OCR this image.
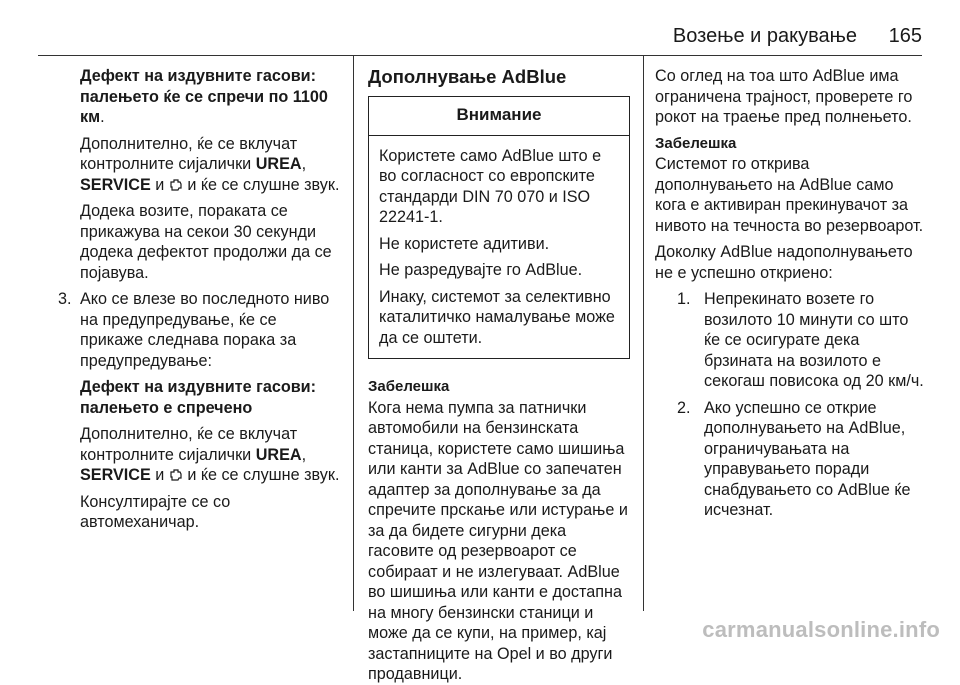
Возење и ракување 165

Дефект на издувните гасови: палењето ќе се спречи по 1100 км.

Дополнително, ќе се вклучат контролните сијалички UREA,
SERVICE и  и ќе се слушне звук.

Додека возите, пораката се прикажува на секои 30 секунди додека дефектот продолжи да се појавува.

3. Ако се влезе во последното ниво на предупредување, ќе се прикаже следнава порака за предупредување:

Дефект на издувните гасови: палењето е спречено

Дополнително, ќе се вклучат контролните сијалички UREA,
SERVICE и  и ќе се слушне звук.

Консултирајте се со автомеханичар.

Дополнување AdBlue
Внимание

Користете само AdBlue што е во согласност со европските стандарди DIN 70 070 и ISO 22241-1.

Не користете адитиви.

Не разредувајте го AdBlue.

Инаку, системот за селективно каталитичко намалување може да се оштети.

Забелешка
Кога нема пумпа за патнички автомобили на бензинската станица, користете само шишиња или канти за AdBlue со запечатен адаптер за дополнување за да спречите прскање или истурање и за да бидете сигурни дека гасовите од резервоарот се собираат и не излегуваат. AdBlue во шишиња или канти е достапна на многу бензински станици и може да се купи, на пример, кај застапниците на Opel и во други продавници.

Со оглед на тоа што AdBlue има ограничена трајност, проверете го рокот на траење пред полнењето.

Забелешка
Системот го открива дополнувањето на AdBlue само кога е активиран прекинувачот за нивото на течноста во резервоарот.

Доколку AdBlue надополнувањето не е успешно откриено:

1. Непрекинато возете го возилото 10 минути со што ќе се осигурате дека брзината на возилото е секогаш повисока од 20 км/ч.
2. Ако успешно се открие дополнувањето на AdBlue, ограничувањата на управувањето поради снабдувањето со AdBlue ќе исчезнат.
carmanualsonline.info
